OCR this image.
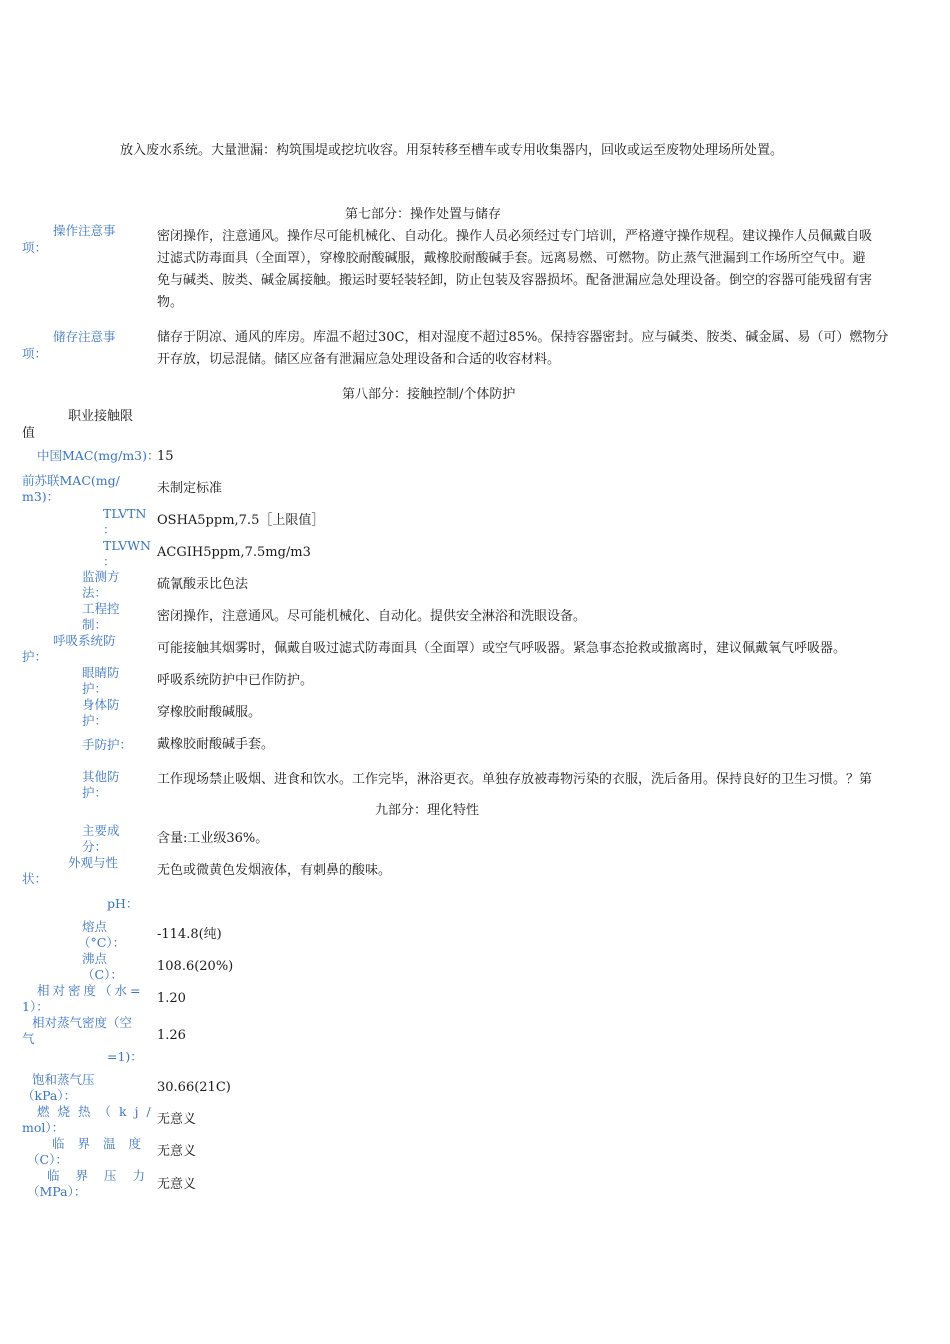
放入废水系统。大量泄漏：构筑围堤或挖坑收容。用泵转移至槽车或专用收集器内，回收或运至废物处理场所处置。
第七部分：操作处置与储存
操作注意事
项：
密闭操作，注意通风。操作尽可能机械化、自动化。操作人员必须经过专门培训，严格遵守操作规程。建议操作人员佩戴自吸
过滤式防毒面具（全面罩），穿橡胶耐酸碱服，戴橡胶耐酸碱手套。远离易燃、可燃物。防止蒸气泄漏到工作场所空气中。避
免与碱类、胺类、碱金属接触。搬运时要轻装轻卸，防止包装及容器损坏。配备泄漏应急处理设备。倒空的容器可能残留有害
物。
储存注意事
项：
储存于阴凉、通风的库房。库温不超过30C，相对湿度不超过85%。保持容器密封。应与碱类、胺类、碱金属、易（可）燃物分
开存放，切忌混储。储区应备有泄漏应急处理设备和合适的收容材料。
第八部分：接触控制/个体防护
职业接触限
值
中国MAC(mg/m3)：
15
前苏联MAC(mg/
m3)：
未制定标准
TLVTN
：
OSHA5ppm,7.5［上限值］
TLVWN
：
ACGIH5ppm,7.5mg/m3
监测方
法：
硫氰酸汞比色法
工程控
制：
密闭操作，注意通风。尽可能机械化、自动化。提供安全淋浴和洗眼设备。
呼吸系统防
护：
可能接触其烟雾时，佩戴自吸过滤式防毒面具（全面罩）或空气呼吸器。紧急事态抢救或撤离时，建议佩戴氧气呼吸器。
眼睛防
护：
呼吸系统防护中已作防护。
身体防
护：
穿橡胶耐酸碱服。
手防护： 戴橡胶耐酸碱手套。
其他防
护：
工作现场禁止吸烟、进食和饮水。工作完毕，淋浴更衣。单独存放被毒物污染的衣服，洗后备用。保持良好的卫生习惯。？第
九部分：理化特性
主要成
分：
含量:工业级36%。
外观与性
状：
无色或微黄色发烟液体，有刺鼻的酸味。
pH：
熔点
（°C）：
-114.8(纯)
沸点
（C）：
108.6(20%)
相对密度（水=
1）：
1.20
相对蒸气密度（空
气
=1)：
1.26
饱和蒸气压
（kPa）：
30.66(21C)
燃烧热（kj/
mol）：
无意义
临界温度
（C）：
无意义
临界压力
（MPa）：	无意义
